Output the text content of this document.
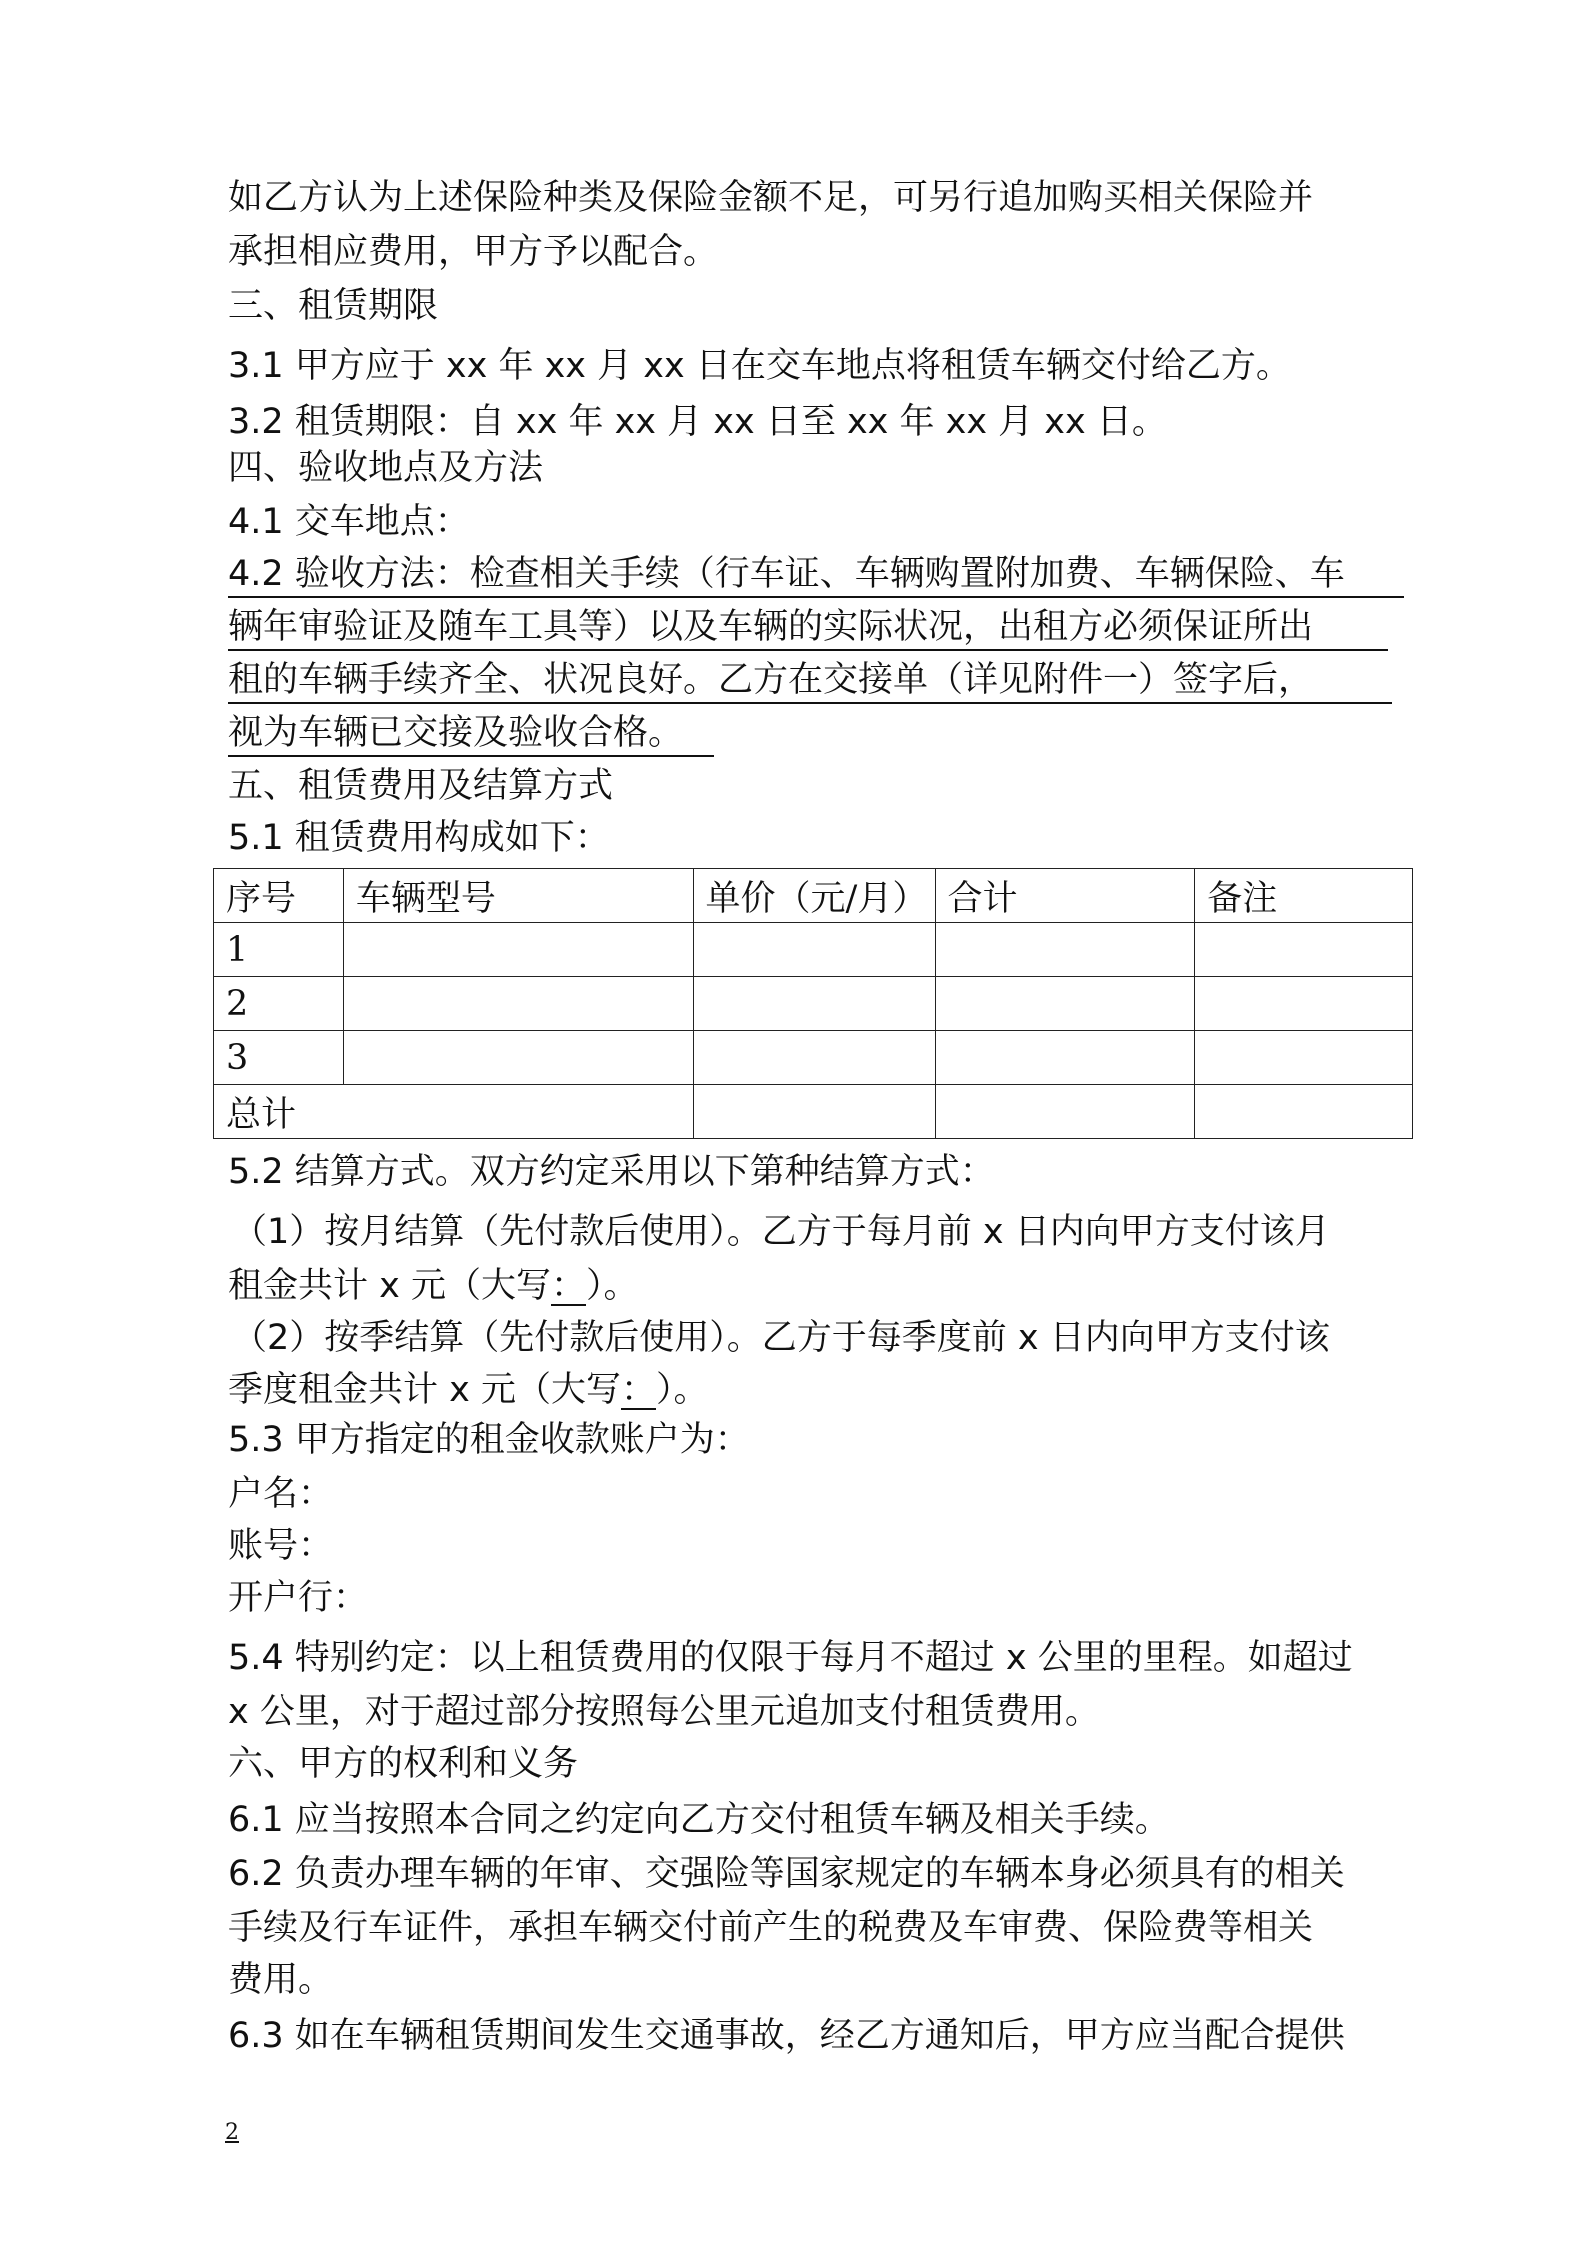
如乙方认为上述保险种类及保险金额不足，可另行追加购买相关保险并
承担相应费用，甲方予以配合。
三、租赁期限
3.1 甲方应于 xx 年 xx 月 xx 日在交车地点将租赁车辆交付给乙方。
3.2 租赁期限：自 xx 年 xx 月 xx 日至 xx 年 xx 月 xx 日。
四、验收地点及方法
4.1 交车地点：
4.2 验收方法：检查相关手续（行车证、车辆购置附加费、车辆保险、车
辆年审验证及随车工具等）以及车辆的实际状况，出租方必须保证所出
租的车辆手续齐全、状况良好。乙方在交接单（详见附件一）签字后，
视为车辆已交接及验收合格。
五、租赁费用及结算方式
5.1 租赁费用构成如下：
序号	车辆型号	单价（元/月）	合计	备注
1				
2				
3				
总计				
5.2 结算方式。双方约定采用以下第种结算方式：
（1）按月结算（先付款后使用）。乙方于每月前 x 日内向甲方支付该月
租金共计 x 元（大写：）。
（2）按季结算（先付款后使用）。乙方于每季度前 x 日内向甲方支付该
季度租金共计 x 元（大写：）。
5.3 甲方指定的租金收款账户为：
户名：
账号：
开户行：
5.4 特别约定：以上租赁费用的仅限于每月不超过 x 公里的里程。如超过
x 公里，对于超过部分按照每公里元追加支付租赁费用。
六、甲方的权利和义务
6.1 应当按照本合同之约定向乙方交付租赁车辆及相关手续。
6.2 负责办理车辆的年审、交强险等国家规定的车辆本身必须具有的相关
手续及行车证件，承担车辆交付前产生的税费及车审费、保险费等相关
费用。
6.3 如在车辆租赁期间发生交通事故，经乙方通知后，甲方应当配合提供
2
